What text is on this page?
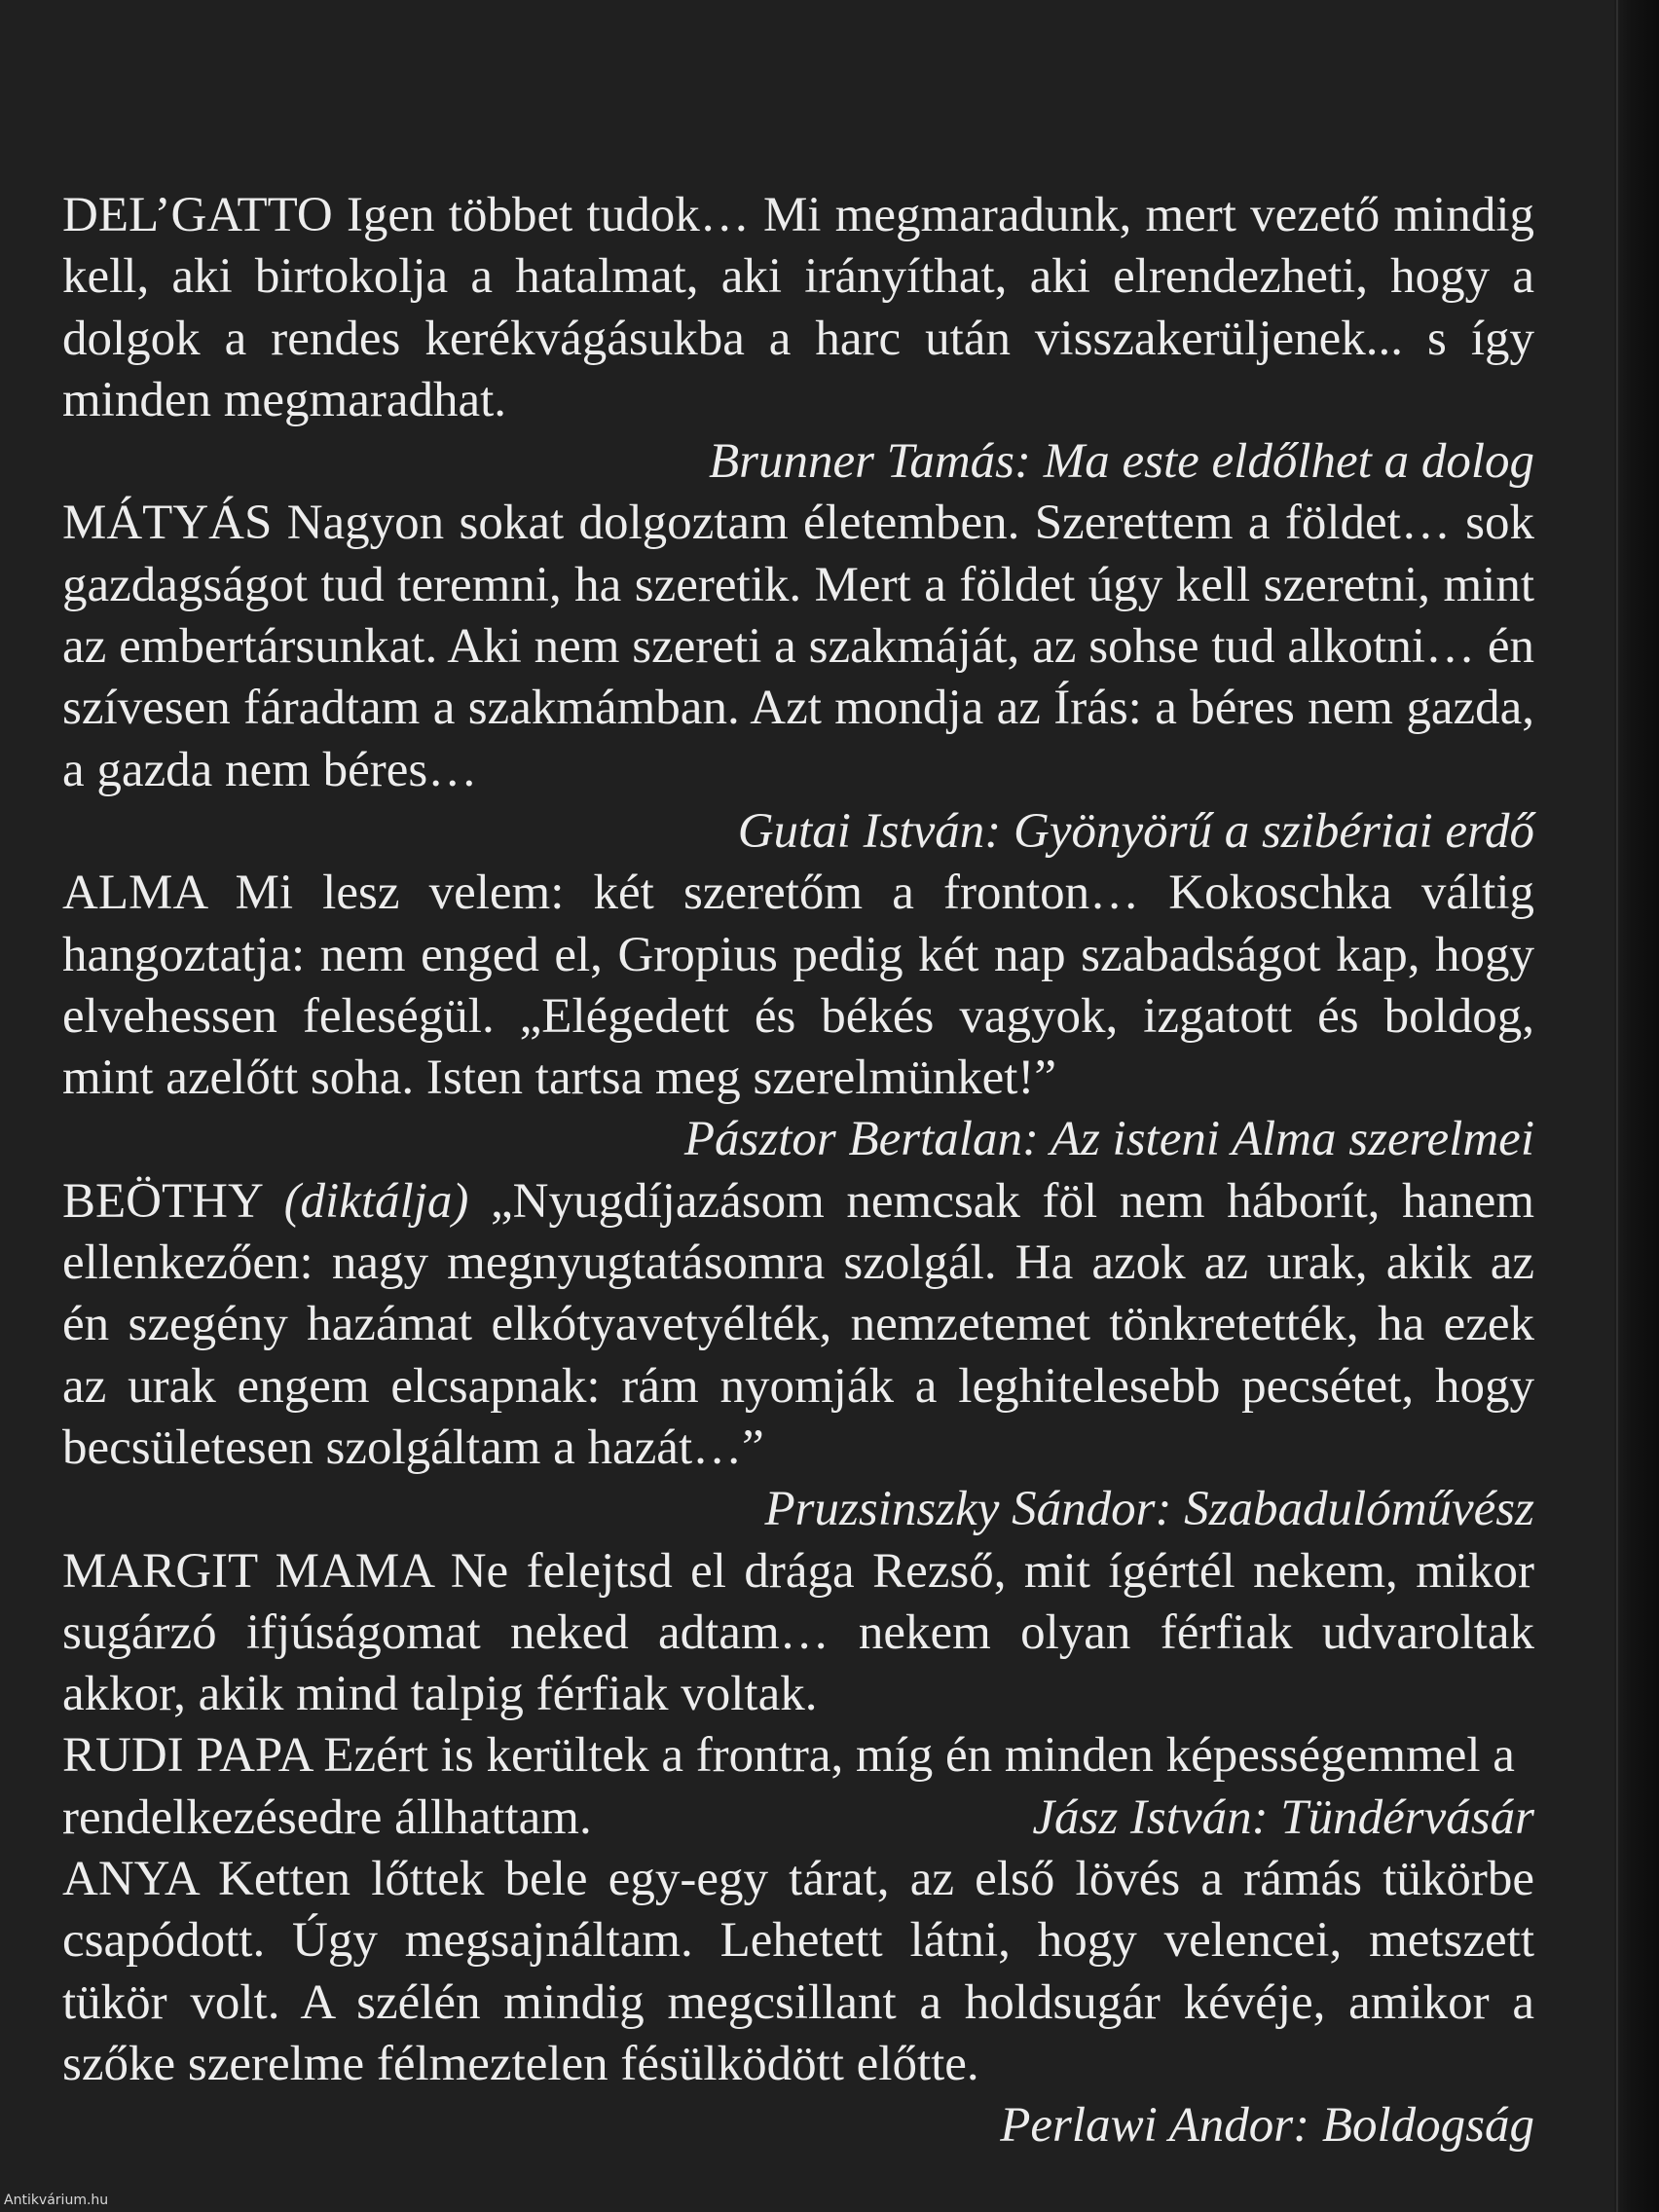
DEL’GATTO Igen többet tudok… Mi megmaradunk, mert vezető mindig kell, aki birtokolja a hatalmat, aki irányíthat, aki elrendezheti, hogy a dolgok a rendes kerékvágásukba a harc után visszakerüljenek... s így minden megmaradhat.

Brunner Tamás: Ma este eldőlhet a dolog

MÁTYÁS Nagyon sokat dolgoztam életemben. Szerettem a földet… sok gazdagságot tud teremni, ha szeretik. Mert a földet úgy kell szeretni, mint az embertársunkat. Aki nem szereti a szakmáját, az sohse tud alkotni… én szívesen fáradtam a szakmámban. Azt mondja az Írás: a béres nem gazda, a gazda nem béres…

Gutai István: Gyönyörű a szibériai erdő

ALMA Mi lesz velem: két szeretőm a fronton… Kokoschka váltig hangoztatja: nem enged el, Gropius pedig két nap szabadságot kap, hogy elvehessen feleségül. „Elégedett és békés vagyok, izgatott és boldog, mint azelőtt soha. Isten tartsa meg szerelmünket!”

Pásztor Bertalan: Az isteni Alma szerelmei

BEÖTHY (diktálja) „Nyugdíjazásom nemcsak föl nem háborít, hanem ellenkezően: nagy megnyugtatásomra szolgál. Ha azok az urak, akik az én szegény hazámat elkótyavetyélték, nemzetemet tönkretették, ha ezek az urak engem elcsapnak: rám nyomják a leghitelesebb pecsétet, hogy becsületesen szolgáltam a hazát…”

Pruzsinszky Sándor: Szabadulóművész

MARGIT MAMA Ne felejtsd el drága Rezső, mit ígértél nekem, mikor sugárzó ifjúságomat neked adtam… nekem olyan férfiak udvaroltak akkor, akik mind talpig férfiak voltak.

RUDI PAPA Ezért is kerültek a frontra, míg én minden képességemmel a rendelkezésedre állhattam.	Jász István: Tündérvásár

ANYA Ketten lőttek bele egy-egy tárat, az első lövés a rámás tükörbe csapódott. Úgy megsajnáltam. Lehetett látni, hogy velencei, metszett tükör volt. A szélén mindig megcsillant a holdsugár kévéje, amikor a szőke szerelme félmeztelen fésülködött előtte.

Perlawi Andor: Boldogság

Antikvárium.hu
